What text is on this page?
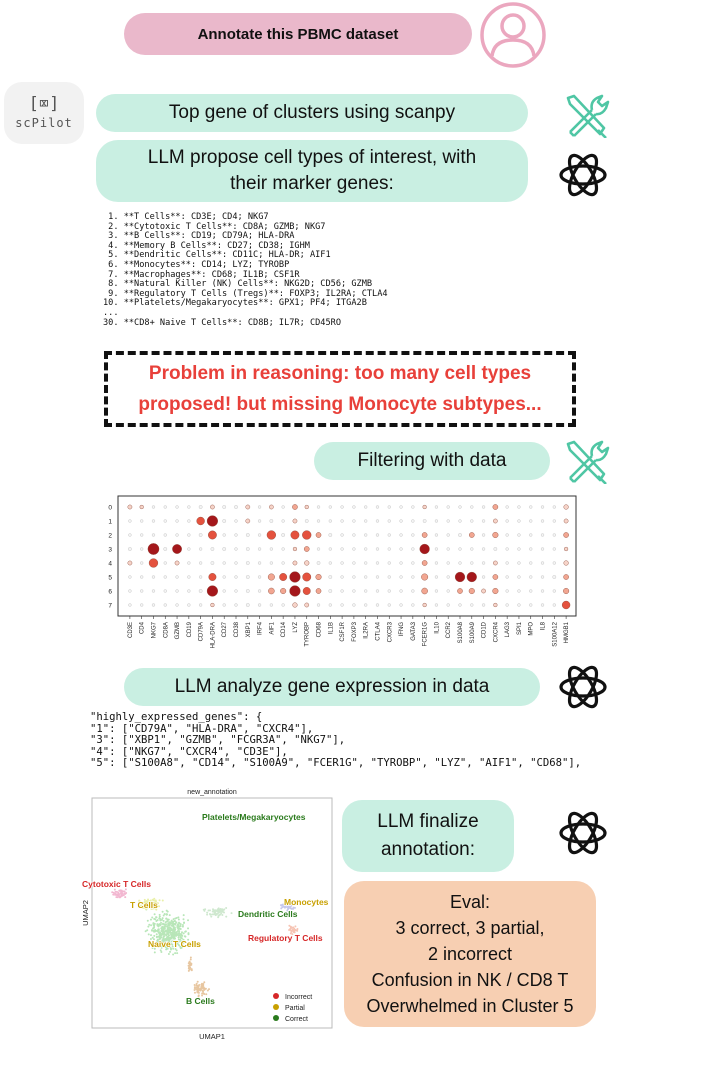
Annotate this PBMC dataset
[⌧]
scPilot	Top gene of clusters using scanpy
LLM propose cell types of interest, with
their marker genes:
1. **T Cells**: CD3E; CD4; NKG7
2. **Cytotoxic T Cells**: CD8A; GZMB; NKG7
3. **B Cells**: CD19; CD79A; HLA-DRA
4. **Memory B Cells**: CD27; CD38; IGHM
5. **Dendritic Cells**: CD11C; HLA-DR; AIF1
6. **Monocytes**: CD14; LYZ; TYROBP
7. **Macrophages**: CD68; IL1B; CSF1R
8. **Natural Killer (NK) Cells**: NKG2D; CD56; GZMB
9. **Regulatory T Cells (Tregs)**: FOXP3; IL2RA; CTLA4
10. **Platelets/Megakaryocytes**: GPX1; PF4; ITGA2B
...
30. **CD8+ Naive T Cells**: CD8B; IL7R; CD45RO
Problem in reasoning: too many cell types
proposed! but missing Monocyte subtypes...
Filtering with data
0
1
2
3
4
5
6
7
CD3E CD4 NKG7 CD8A GZMB CD19 CD79A HLA-DRA CD27 CD38 XBP1 IRF4 AIF1 CD14 LYZ TYROBP CD68 IL1B CSF1R FOXP3 IL2RA CTLA4 CXCR3 IFNG GATA3 FCER1G IL10 CCR2 S100A8 S100A9 CD1D CXCR4 LAG3 SPI1 MPO IL8 S100A12 HMGB1
LLM analyze gene expression in data
"highly_expressed_genes": {
"1": ["CD79A", "HLA-DRA", "CXCR4"],
"3": ["XBP1", "GZMB", "FCGR3A", "NKG7"],
"4": ["NKG7", "CXCR4", "CD3E"],
"5": ["S100A8", "CD14", "S100A9", "FCER1G", "TYROBP", "LYZ", "AIF1", "CD68"],
new_annotation
UMAP1
UMAP2
Platelets/Megakaryocytes
Cytotoxic T Cells
T Cells	Monocytes
Dendritic Cells
Naive T Cells
Regulatory T Cells
B Cells	Incorrect
Partial
Correct
LLM finalize
annotation:
Eval:
3 correct, 3 partial,
2 incorrect
Confusion in NK / CD8 T
Overwhelmed in Cluster 5
